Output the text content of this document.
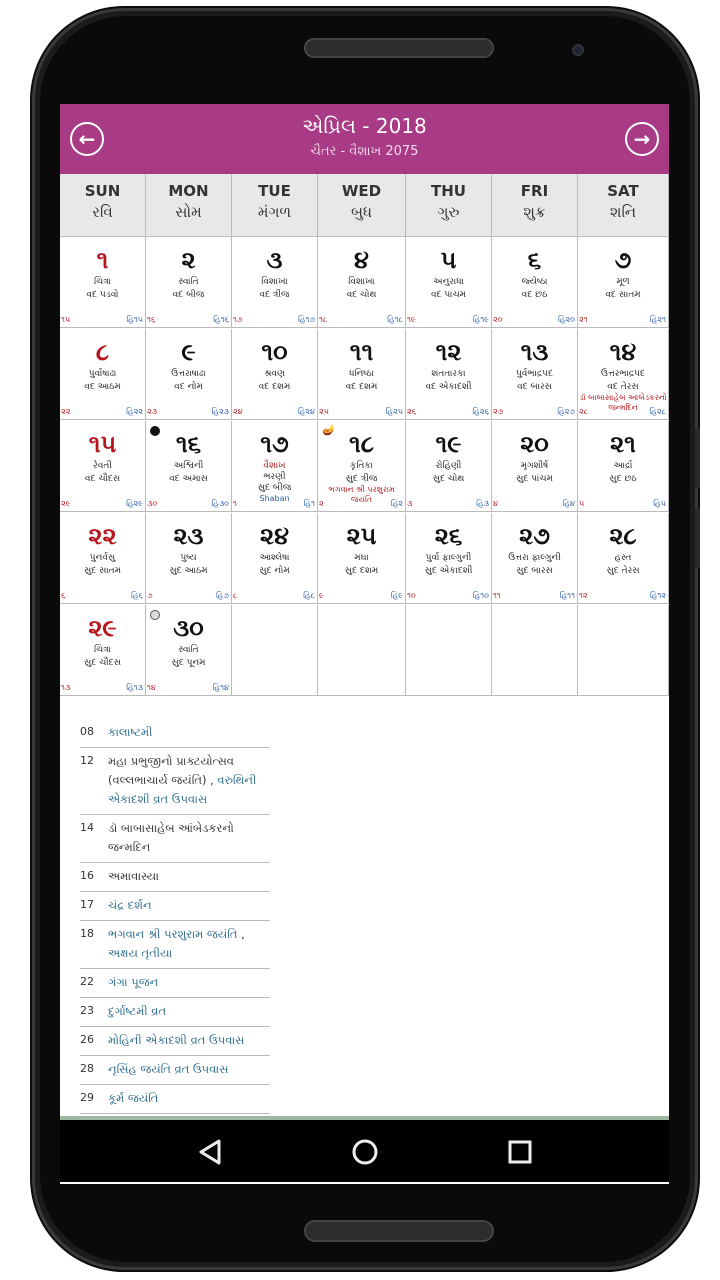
←
એપ્રિલ - 2018
ચૈતર - વૈશાખ 2075
→
SUN
રવિ
MON
સોમ
TUE
મંગળ
WED
બુધ
THU
ગુરુ
FRI
શુક્ર
SAT
શનિ
૧
ચિત્રા
વદ પડવો
૧૫	હિ૧૫
૨
સ્વાતિ
વદ બીજ
૧૬	હિ૧૬
૩
વિશાખા
વદ ત્રીજ
૧૭	હિ૧૭
૪
વિશાખા
વદ ચોથ
૧૮	હિ૧૮
૫
અનુરાધા
વદ પાંચમ
૧૯	હિ૧૯
૬
જ્યેષ્ઠા
વદ છઠ
૨૦	હિ૨૦
૭
મૂળ
વદ સાતમ
૨૧	હિ૨૧
૮
પુર્વાષાઢા
વદ આઠમ
૨૨	હિ૨૨
૯
ઉત્તરાષાઢા
વદ નોમ
૨૩	હિ૨૩
૧૦
શ્રવણ
વદ દશમ
૨૪	હિ૨૪
૧૧
ધનિષ્ઠા
વદ દશમ
૨૫	હિ૨૫
૧૨
શતતારકા
વદ એકાદશી
૨૬	હિ૨૬
૧૩
પુર્વભાદ્રપદ
વદ બારસ
૨૭	હિ૨૭
૧૪
ઉત્તરભાદ્રપદ
વદ તેરસ
ડૉ બાબાસાહેબ આંબેડકરનો જન્મદિન
૨૮	હિ૨૮
૧૫
રેવતી
વદ ચૌદસ
૨૯	હિ૨૯
૧૬
અશ્વિની
વદ અમાસ
૩૦	હિ૩૦
૧૭
વૈશાખ
ભરણી
સુદ બીજ
Shaban
૧	હિ૧
🪔
૧૮
કૃતિકા
સુદ ત્રીજ
ભગવાન શ્રી પરશુરામ જયંતિ
૨	હિ૨
૧૯
રોહિણી
સુદ ચોથ
૩	હિ૩
૨૦
મૃગશીર્ષ
સુદ પાંચમ
૪	હિ૪
૨૧
આર્દ્રા
સુદ છઠ
૫	હિ૫
૨૨
પુનર્વસુ
સુદ સાતમ
૬	હિ૬
૨૩
પુષ્ય
સુદ આઠમ
૭	હિ૭
૨૪
આશ્લેષા
સુદ નોમ
૮	હિ૮
૨૫
મઘા
સુદ દશમ
૯	હિ૯
૨૬
પુર્વા ફાલ્ગુની
સુદ એકાદશી
૧૦	હિ૧૦
૨૭
ઉત્તરા ફાલ્ગુની
સુદ બારસ
૧૧	હિ૧૧
૨૮
હસ્ત
સુદ તેરસ
૧૨	હિ૧૨
૨૯
ચિત્રા
સુદ ચૌદસ
૧૩	હિ૧૩
૩૦
સ્વાતિ
સુદ પૂનમ
૧૪	હિ૧૪
08	કાલાષ્ટમી
12	મહા પ્રભુજીનો પ્રાક્ટયોત્સવ (વલ્લભાચાર્ય જયંતિ) , વરુથિની એકાદશી વ્રત ઉપવાસ
14	ડૉ બાબાસાહેબ આંબેડકરનો જન્મદિન
16	અમાવાસ્યા
17	ચંદ્ર દર્શન
18	ભગવાન શ્રી પરશુરામ જયંતિ , અક્ષય તૃતીયા
22	ગંગા પૂજન
23	દુર્ગાષ્ટમી વ્રત
26	મોહિની એકાદશી વ્રત ઉપવાસ
28	નૃસિંહ જયંતિ વ્રત ઉપવાસ
29	કૂર્મ જયંતિ
